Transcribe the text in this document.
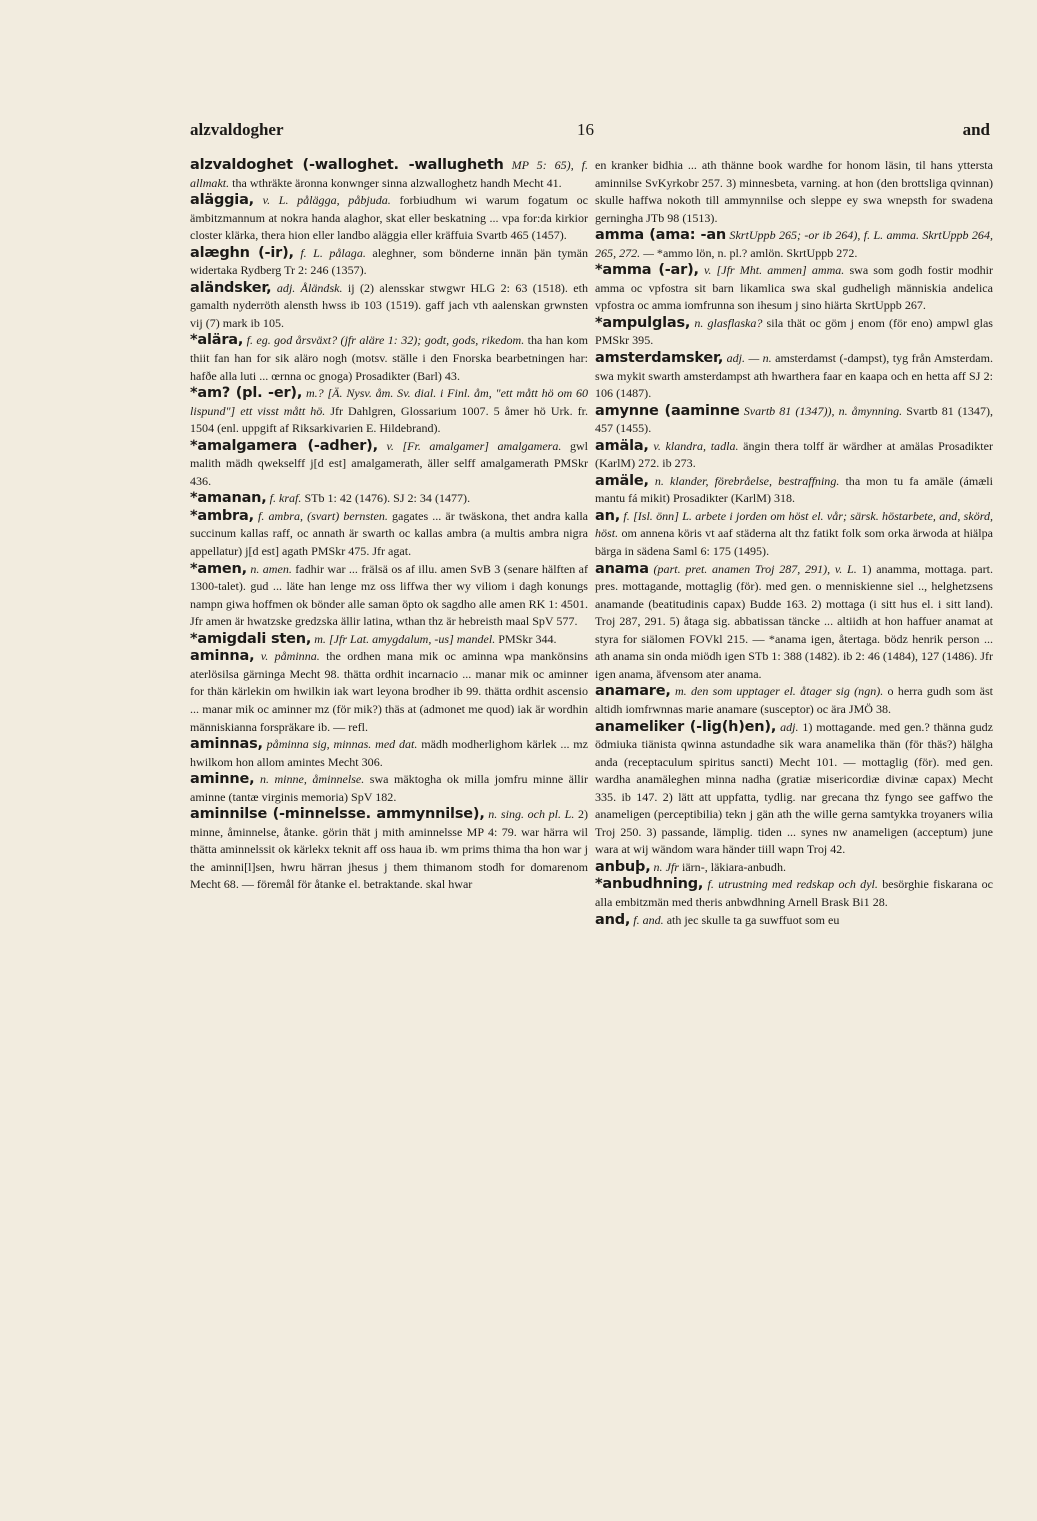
alzvaldogher	16	and

alzvaldoghet (-walloghet. -wallugheth MP 5: 65), f. allmakt. tha wthräkte äronna konwnger sinna alzwalloghetz handh Mecht 41.

aläggia, v. L. pålägga, påbjuda. forbiudhum wi warum fogatum oc ämbitzmannum at nokra handa alaghor, skat eller beskatning ... vpa for:da kirkior closter klärka, thera hion eller landbo aläggia eller kräffuia Svartb 465 (1457).

alæghn (-ir), f. L. pålaga. aleghner, som bönderne innän þän tymän widertaka Rydberg Tr 2: 246 (1357).

aländsker, adj. Åländsk. ij (2) alensskar stwgwr HLG 2: 63 (1518). eth gamalth nyderröth alensth hwss ib 103 (1519). gaff jach vth aalenskan grwnsten vij (7) mark ib 105.

*alära, f. eg. god årsväxt? (jfr aläre 1: 32); godt, gods, rikedom. tha han kom thiit fan han for sik aläro nogh (motsv. ställe i den Fnorska bearbetningen har: hafðe alla luti ... œrnna oc gnoga) Prosadikter (Barl) 43.

*am? (pl. -er), m.? [Ä. Nysv. åm. Sv. dial. i Finl. åm, "ett mått hö om 60 lispund"] ett visst mått hö. Jfr Dahlgren, Glossarium 1007. 5 åmer hö Urk. fr. 1504 (enl. uppgift af Riksarkivarien E. Hildebrand).

*amalgamera (-adher), v. [Fr. amalgamer] amalgamera. gwl malith mädh qwekselff j[d est] amalgamerath, äller selff amalgamerath PMSkr 436.

*amanan, f. kraf. STb 1: 42 (1476). SJ 2: 34 (1477).

*ambra, f. ambra, (svart) bernsten. gagates ... är twäskona, thet andra kalla succinum kallas raff, oc annath är swarth oc kallas ambra (a multis ambra nigra appellatur) j[d est] agath PMSkr 475. Jfr agat.

*amen, n. amen. fadhir war ... frälsä os af illu. amen SvB 3 (senare hälften af 1300-talet). gud ... läte han lenge mz oss liffwa ther wy viliom i dagh konungs nampn giwa hoffmen ok bönder alle saman öpto ok sagdho alle amen RK 1: 4501. Jfr amen är hwatzske gredzska ällir latina, wthan thz är hebreisth maal SpV 577.

*amigdali sten, m. [Jfr Lat. amygdalum, -us] mandel. PMSkr 344.

aminna, v. påminna. the ordhen mana mik oc aminna wpa mankönsins aterlösilsa gärninga Mecht 98. thätta ordhit incarnacio ... manar mik oc aminner for thän kärlekin om hwilkin iak wart leyona brodher ib 99. thätta ordhit ascensio ... manar mik oc aminner mz (för mik?) thäs at (admonet me quod) iak är wordhin människianna forspräkare ib. — refl.

aminnas, påminna sig, minnas. med dat. mädh modherlighom kärlek ... mz hwilkom hon allom amintes Mecht 306.

aminne, n. minne, åminnelse. swa mäktogha ok milla jomfru minne ällir aminne (tantæ virginis memoria) SpV 182.

aminnilse (-minnelsse. ammynnilse), n. sing. och pl. L. 2) minne, åminnelse, åtanke. görin thät j mith aminnelsse MP 4: 79. war härra wil thätta aminnelssit ok kärlekx teknit aff oss haua ib. wm prims thima tha hon war j the aminni[l]sen, hwru härran jhesus j them thimanom stodh for domarenom Mecht 68. — föremål för åtanke el. betraktande. skal hwar

en kranker bidhia ... ath thänne book wardhe for honom läsin, til hans yttersta aminnilse SvKyrkobr 257. 3) minnesbeta, varning. at hon (den brottsliga qvinnan) skulle haffwa nokoth till ammynnilse och sleppe ey swa wnepsth for swadena gerningha JTb 98 (1513).

amma (ama: -an SkrtUppb 265; -or ib 264), f. L. amma. SkrtUppb 264, 265, 272. — *ammo lön, n. pl.? amlön. SkrtUppb 272.

*amma (-ar), v. [Jfr Mht. ammen] amma. swa som godh fostir modhir amma oc vpfostra sit barn likamlica swa skal gudheligh människia andelica vpfostra oc amma iomfrunna son ihesum j sino hiärta SkrtUppb 267.

*ampulglas, n. glasflaska? sila thät oc göm j enom (för eno) ampwl glas PMSkr 395.

amsterdamsker, adj. — n. amsterdamst (-dampst), tyg från Amsterdam. swa mykit swarth amsterdampst ath hwarthera faar en kaapa och en hetta aff SJ 2: 106 (1487).

amynne (aaminne Svartb 81 (1347)), n. åmynning. Svartb 81 (1347), 457 (1455).

amäla, v. klandra, tadla. ängin thera tolff är wärdher at amälas Prosadikter (KarlM) 272. ib 273.

amäle, n. klander, förebråelse, bestraffning. tha mon tu fa amäle (ámæli mantu fá mikit) Prosadikter (KarlM) 318.

an, f. [Isl. önn] L. arbete i jorden om höst el. vår; särsk. höstarbete, and, skörd, höst. om annena köris vt aaf städerna alt thz fatikt folk som orka ärwoda at hiälpa bärga in sädena Saml 6: 175 (1495).

anama (part. pret. anamen Troj 287, 291), v. L. 1) anamma, mottaga. part. pres. mottagande, mottaglig (för). med gen. o menniskienne siel .., helghetzsens anamande (beatitudinis capax) Budde 163. 2) mottaga (i sitt hus el. i sitt land). Troj 287, 291. 5) åtaga sig. abbatissan täncke ... altiidh at hon haffuer anamat at styra for siälomen FOVkl 215. — *anama igen, återtaga. bödz henrik person ... ath anama sin onda miödh igen STb 1: 388 (1482). ib 2: 46 (1484), 127 (1486). Jfr igen anama, äfvensom ater anama.

anamare, m. den som upptager el. åtager sig (ngn). o herra gudh som äst altidh iomfrwnnas marie anamare (susceptor) oc ära JMÖ 38.

anameliker (-lig(h)en), adj. 1) mottagande. med gen.? thänna gudz ödmiuka tiänista qwinna astundadhe sik wara anamelika thän (för thäs?) hälgha anda (receptaculum spiritus sancti) Mecht 101. — mottaglig (för). med gen. wardha anamäleghen minna nadha (gratiæ misericordiæ divinæ capax) Mecht 335. ib 147. 2) lätt att uppfatta, tydlig. nar grecana thz fyngo see gaffwo the anameligen (perceptibilia) tekn j gän ath the wille gerna samtykka troyaners wilia Troj 250. 3) passande, lämplig. tiden ... synes nw anameligen (acceptum) june wara at wij wändom wara händer tiill wapn Troj 42.

anbuþ, n. Jfr iärn-, läkiara-anbudh.

*anbudhning, f. utrustning med redskap och dyl. besörghie fiskarana oc alla embitzmän med theris anbwdhning Arnell Brask Bi1 28.

and, f. and. ath jec skulle ta ga suwffuot som eu
